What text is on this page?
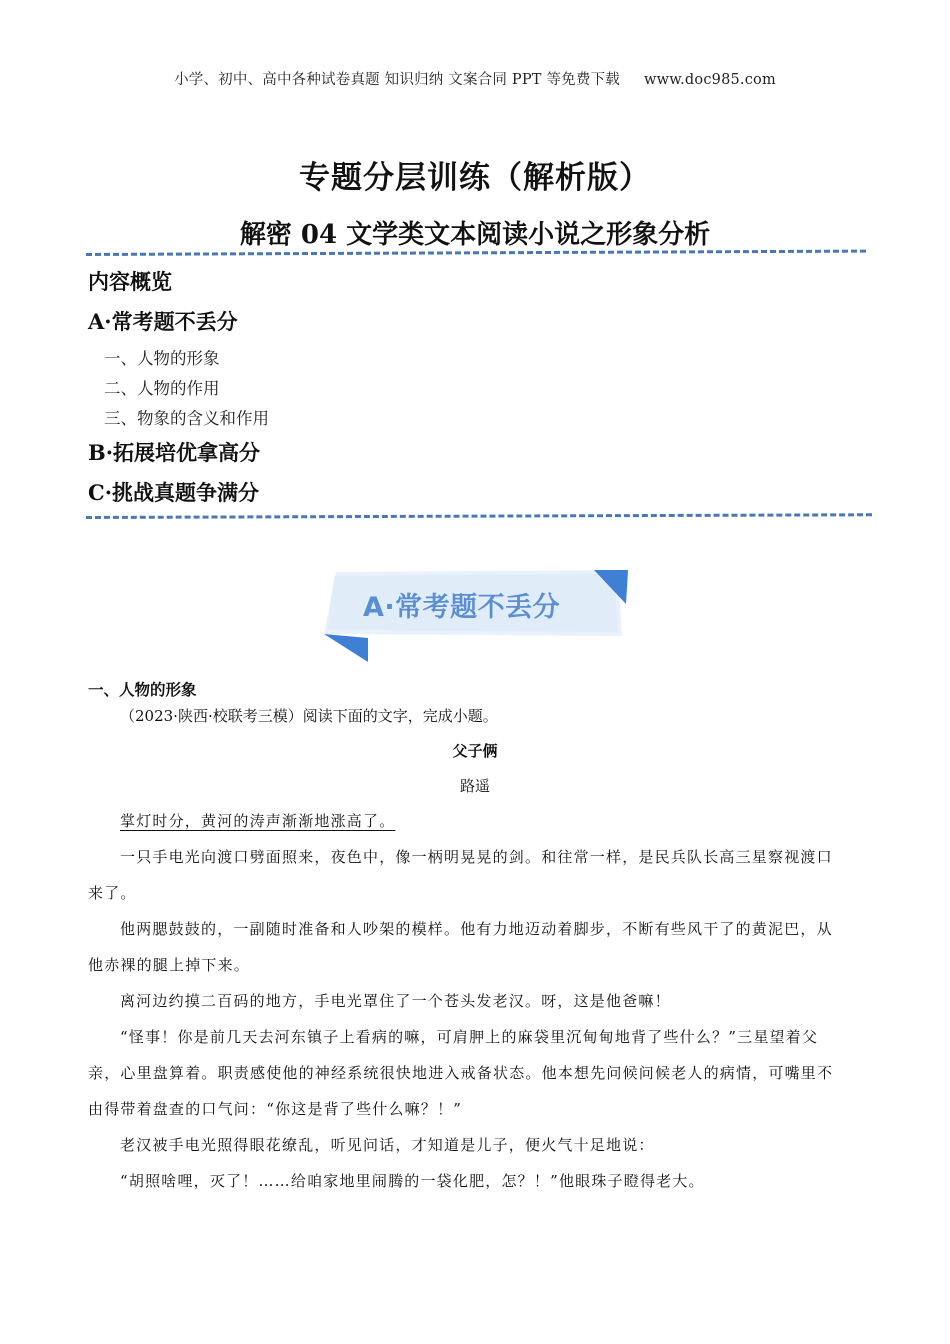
小学、初中、高中各种试卷真题 知识归纳 文案合同 PPT 等免费下载 www.doc985.com
专题分层训练（解析版）
解密 04 文学类文本阅读小说之形象分析
内容概览
A·常考题不丢分
一、人物的形象
二、人物的作用
三、物象的含义和作用
B·拓展培优拿高分
C·挑战真题争满分
A·常考题不丢分
一、人物的形象
（2023·陕西·校联考三模）阅读下面的文字，完成小题。
父子俩
路遥
掌灯时分，黄河的涛声渐渐地涨高了。
一只手电光向渡口劈面照来，夜色中，像一柄明晃晃的剑。和往常一样，是民兵队长高三星察视渡口
来了。
他两腮鼓鼓的，一副随时准备和人吵架的模样。他有力地迈动着脚步，不断有些风干了的黄泥巴，从
他赤裸的腿上掉下来。
离河边约摸二百码的地方，手电光罩住了一个苍头发老汉。呀，这是他爸嘛！
“怪事！你是前几天去河东镇子上看病的嘛，可肩胛上的麻袋里沉甸甸地背了些什么？”三星望着父
亲，心里盘算着。职责感使他的神经系统很快地进入戒备状态。他本想先问候问候老人的病情，可嘴里不
由得带着盘查的口气问：“你这是背了些什么嘛？！”
老汉被手电光照得眼花缭乱，听见问话，才知道是儿子，便火气十足地说：
“胡照啥哩，灭了！……给咱家地里闹腾的一袋化肥，怎？！”他眼珠子瞪得老大。
